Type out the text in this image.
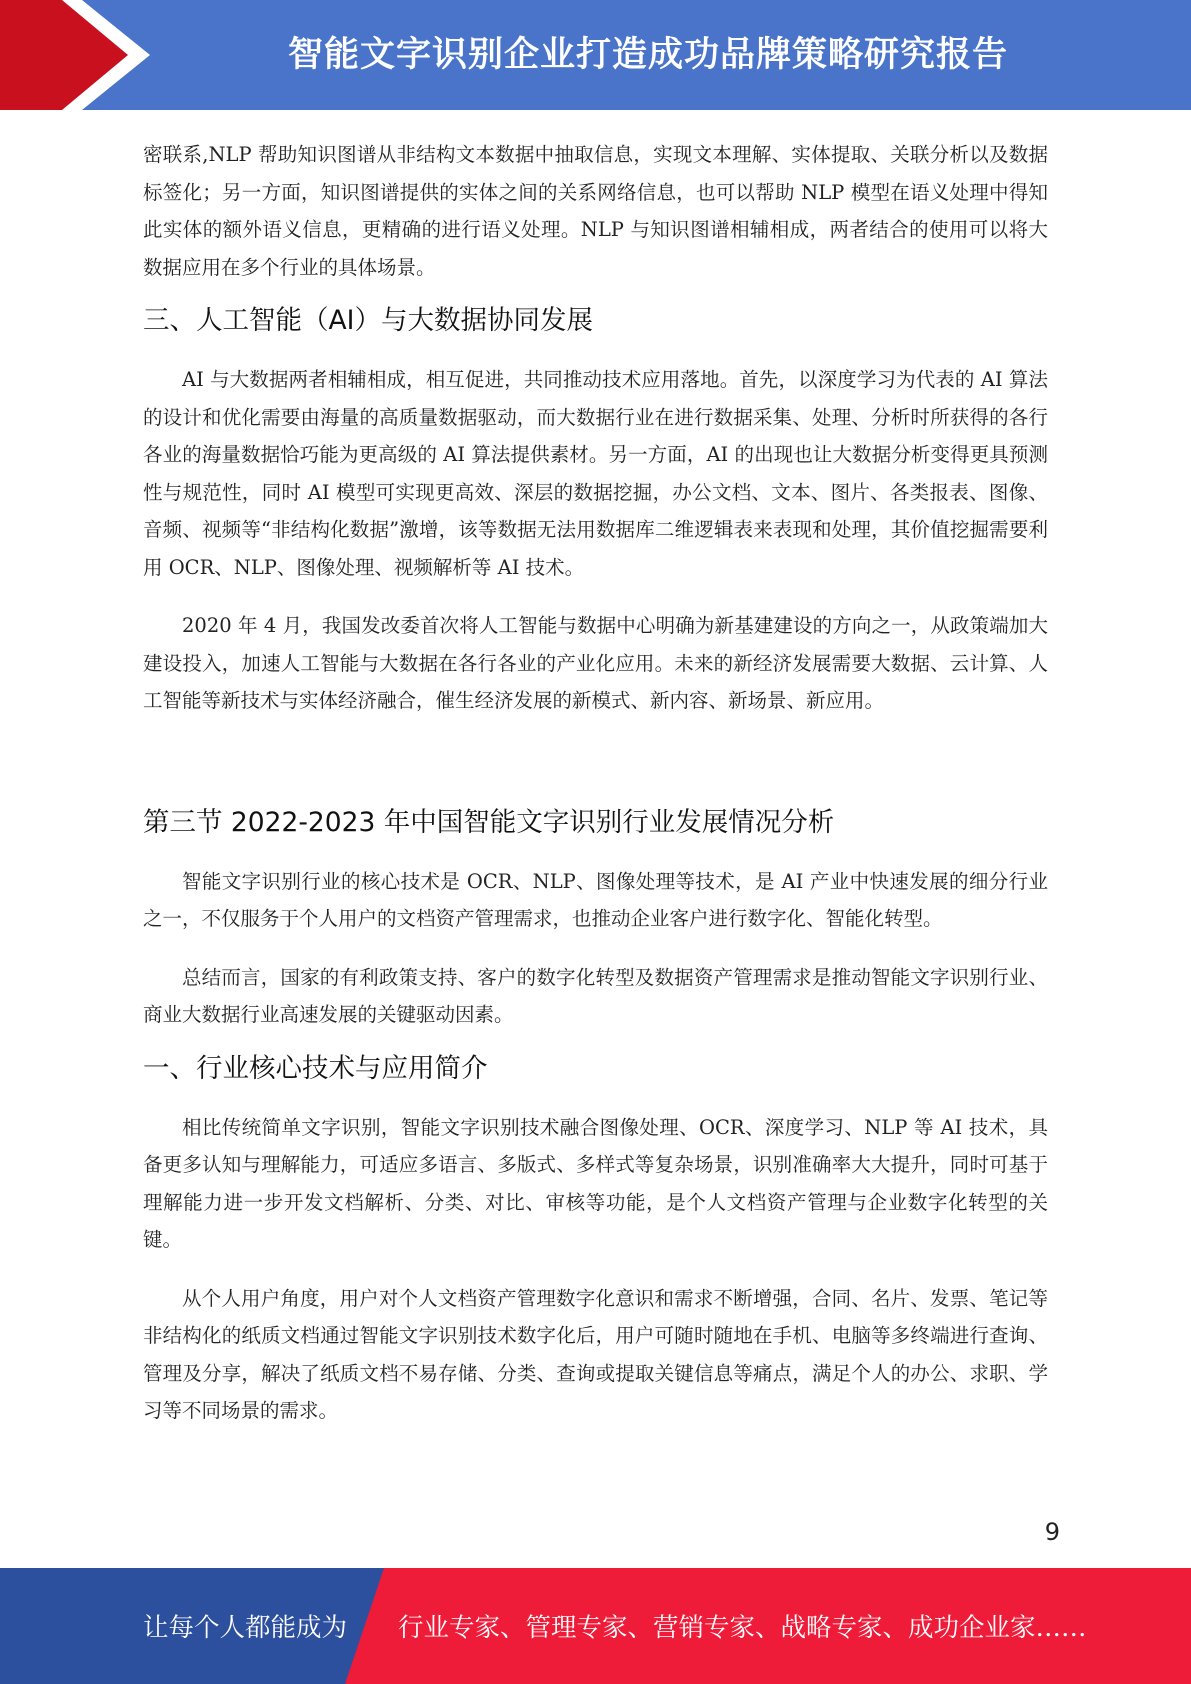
智能文字识别企业打造成功品牌策略研究报告

密联系,NLP 帮助知识图谱从非结构文本数据中抽取信息，实现文本理解、实体提取、关联分析以及数据标签化；另一方面，知识图谱提供的实体之间的关系网络信息，也可以帮助 NLP 模型在语义处理中得知此实体的额外语义信息，更精确的进行语义处理。NLP 与知识图谱相辅相成，两者结合的使用可以将大数据应用在多个行业的具体场景。

三、人工智能（AI）与大数据协同发展

AI 与大数据两者相辅相成，相互促进，共同推动技术应用落地。首先，以深度学习为代表的 AI 算法的设计和优化需要由海量的高质量数据驱动，而大数据行业在进行数据采集、处理、分析时所获得的各行各业的海量数据恰巧能为更高级的 AI 算法提供素材。另一方面，AI 的出现也让大数据分析变得更具预测性与规范性，同时 AI 模型可实现更高效、深层的数据挖掘，办公文档、文本、图片、各类报表、图像、音频、视频等“非结构化数据”激增，该等数据无法用数据库二维逻辑表来表现和处理，其价值挖掘需要利用 OCR、NLP、图像处理、视频解析等 AI 技术。

2020 年 4 月，我国发改委首次将人工智能与数据中心明确为新基建建设的方向之一，从政策端加大建设投入，加速人工智能与大数据在各行各业的产业化应用。未来的新经济发展需要大数据、云计算、人工智能等新技术与实体经济融合，催生经济发展的新模式、新内容、新场景、新应用。

第三节 2022-2023 年中国智能文字识别行业发展情况分析

智能文字识别行业的核心技术是 OCR、NLP、图像处理等技术，是 AI 产业中快速发展的细分行业之一，不仅服务于个人用户的文档资产管理需求，也推动企业客户进行数字化、智能化转型。

总结而言，国家的有利政策支持、客户的数字化转型及数据资产管理需求是推动智能文字识别行业、商业大数据行业高速发展的关键驱动因素。

一、行业核心技术与应用简介

相比传统简单文字识别，智能文字识别技术融合图像处理、OCR、深度学习、NLP 等 AI 技术，具备更多认知与理解能力，可适应多语言、多版式、多样式等复杂场景，识别准确率大大提升，同时可基于理解能力进一步开发文档解析、分类、对比、审核等功能，是个人文档资产管理与企业数字化转型的关键。

从个人用户角度，用户对个人文档资产管理数字化意识和需求不断增强，合同、名片、发票、笔记等非结构化的纸质文档通过智能文字识别技术数字化后，用户可随时随地在手机、电脑等多终端进行查询、管理及分享，解决了纸质文档不易存储、分类、查询或提取关键信息等痛点，满足个人的办公、求职、学习等不同场景的需求。

9
让每个人都能成为 行业专家、管理专家、营销专家、战略专家、成功企业家……
